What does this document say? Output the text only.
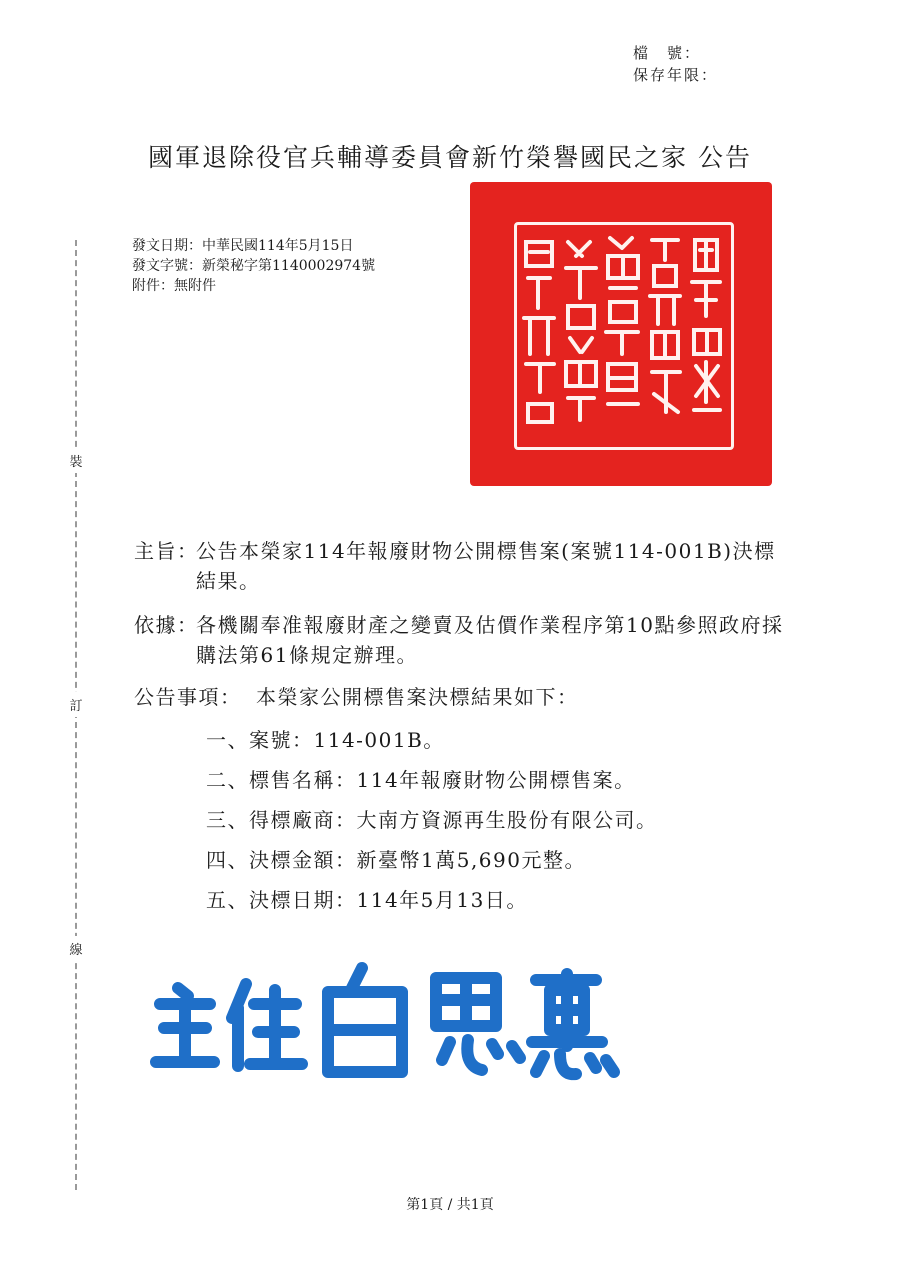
檔　號：
保存年限：
國軍退除役官兵輔導委員會新竹榮譽國民之家 公告
發文日期：中華民國114年5月15日
發文字號：新榮秘字第1140002974號
附件：無附件
裝
訂
線
主旨：
公告本榮家114年報廢財物公開標售案(案號114-001B)決標結果。
依據：
各機關奉准報廢財產之變賣及估價作業程序第10點參照政府採購法第61條規定辦理。
公告事項： 本榮家公開標售案決標結果如下：
一、案號：114-001B。
二、標售名稱：114年報廢財物公開標售案。
三、得標廠商：大南方資源再生股份有限公司。
四、決標金額：新臺幣1萬5,690元整。
五、決標日期：114年5月13日。
第1頁 / 共1頁
